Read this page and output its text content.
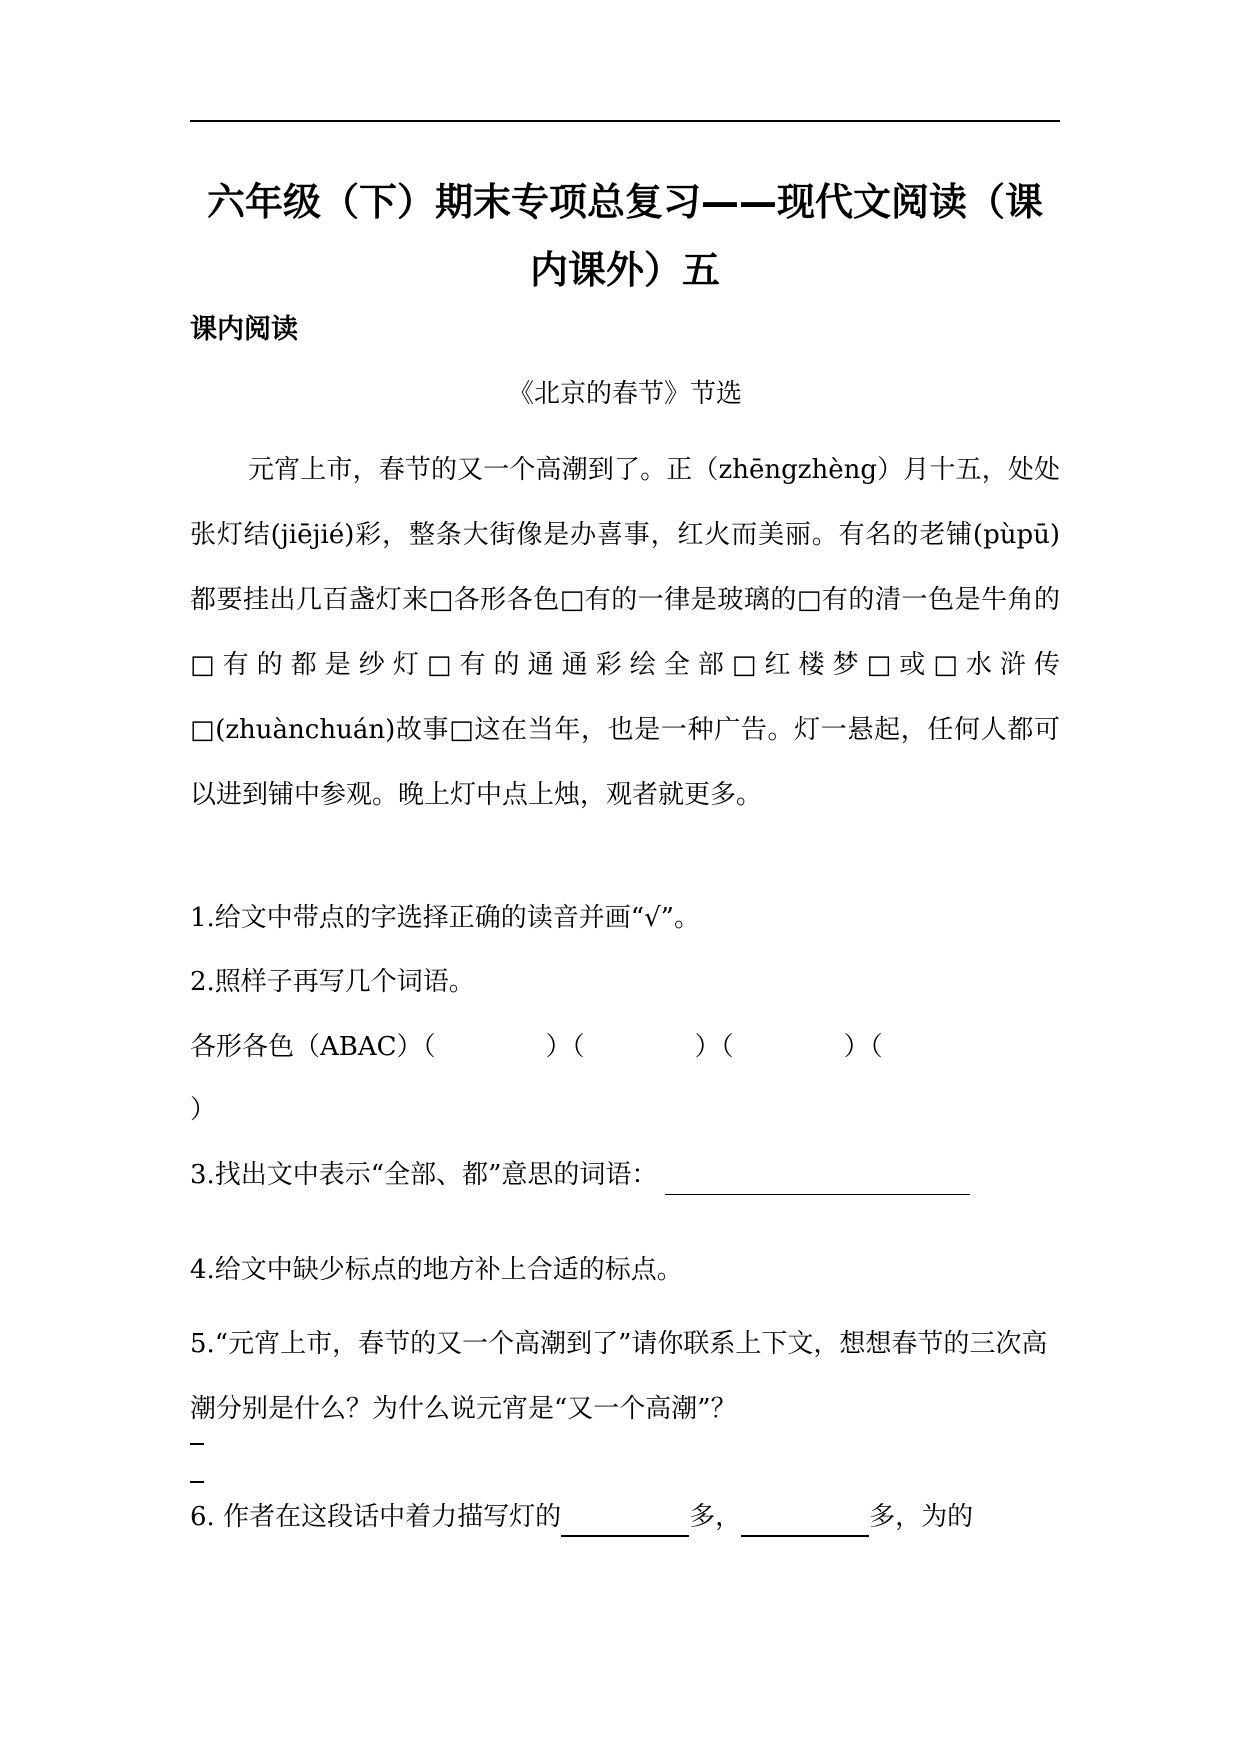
六年级（下）期末专项总复习——现代文阅读（课内课外）五
课内阅读
《北京的春节》节选

元宵上市，春节的又一个高潮到了。正（zhēngzhèng）月十五，处处张灯结(jiējié)彩，整条大街像是办喜事，红火而美丽。有名的老铺(pùpū)都要挂出几百盏灯来□各形各色□有的一律是玻璃的□有的清一色是牛角的□有的都是纱灯□有的通通彩绘全部□红楼梦□或□水浒传□(zhuànchuán)故事□这在当年，也是一种广告。灯一悬起，任何人都可以进到铺中参观。晚上灯中点上烛，观者就更多。

1.给文中带点的字选择正确的读音并画“√”。
2.照样子再写几个词语。
各形各色（ABAC）（	）（	）（	）（
）
3.找出文中表示“全部、都”意思的词语：
4.给文中缺少标点的地方补上合适的标点。
5.“元宵上市，春节的又一个高潮到了”请你联系上下文，想想春节的三次高潮分别是什么？为什么说元宵是“又一个高潮”？
6. 作者在这段话中着力描写灯的	多，	多，为的
